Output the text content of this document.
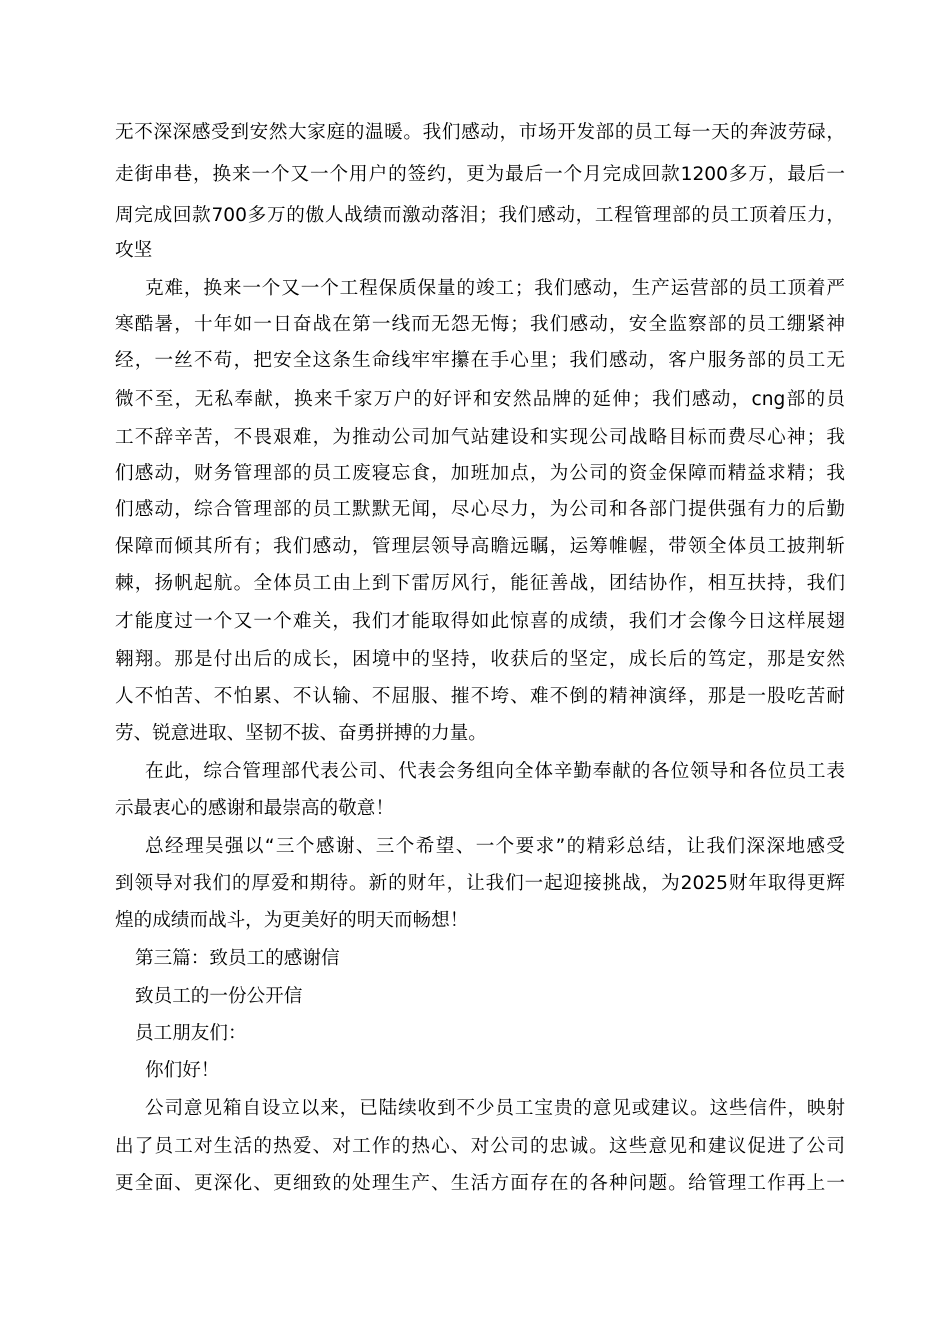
无不深深感受到安然大家庭的温暖。我们感动，市场开发部的员工每一天的奔波劳碌，
走街串巷，换来一个又一个用户的签约，更为最后一个月完成回款1200多万，最后一
周完成回款700多万的傲人战绩而激动落泪；我们感动，工程管理部的员工顶着压力，
攻坚
克难，换来一个又一个工程保质保量的竣工；我们感动，生产运营部的员工顶着严
寒酷暑，十年如一日奋战在第一线而无怨无悔；我们感动，安全监察部的员工绷紧神
经，一丝不苟，把安全这条生命线牢牢攥在手心里；我们感动，客户服务部的员工无
微不至，无私奉献，换来千家万户的好评和安然品牌的延伸；我们感动，cng部的员
工不辞辛苦，不畏艰难，为推动公司加气站建设和实现公司战略目标而费尽心神；我
们感动，财务管理部的员工废寝忘食，加班加点，为公司的资金保障而精益求精；我
们感动，综合管理部的员工默默无闻，尽心尽力，为公司和各部门提供强有力的后勤
保障而倾其所有；我们感动，管理层领导高瞻远瞩，运筹帷幄，带领全体员工披荆斩
棘，扬帆起航。全体员工由上到下雷厉风行，能征善战，团结协作，相互扶持，我们
才能度过一个又一个难关，我们才能取得如此惊喜的成绩，我们才会像今日这样展翅
翱翔。那是付出后的成长，困境中的坚持，收获后的坚定，成长后的笃定，那是安然
人不怕苦、不怕累、不认输、不屈服、摧不垮、难不倒的精神演绎，那是一股吃苦耐
劳、锐意进取、坚韧不拔、奋勇拼搏的力量。
在此，综合管理部代表公司、代表会务组向全体辛勤奉献的各位领导和各位员工表
示最衷心的感谢和最崇高的敬意！
总经理吴强以“三个感谢、三个希望、一个要求”的精彩总结，让我们深深地感受
到领导对我们的厚爱和期待。新的财年，让我们一起迎接挑战，为2025财年取得更辉
煌的成绩而战斗，为更美好的明天而畅想！
第三篇：致员工的感谢信
致员工的一份公开信
员工朋友们：
你们好！
公司意见箱自设立以来，已陆续收到不少员工宝贵的意见或建议。这些信件，映射
出了员工对生活的热爱、对工作的热心、对公司的忠诚。这些意见和建议促进了公司
更全面、更深化、更细致的处理生产、生活方面存在的各种问题。给管理工作再上一
